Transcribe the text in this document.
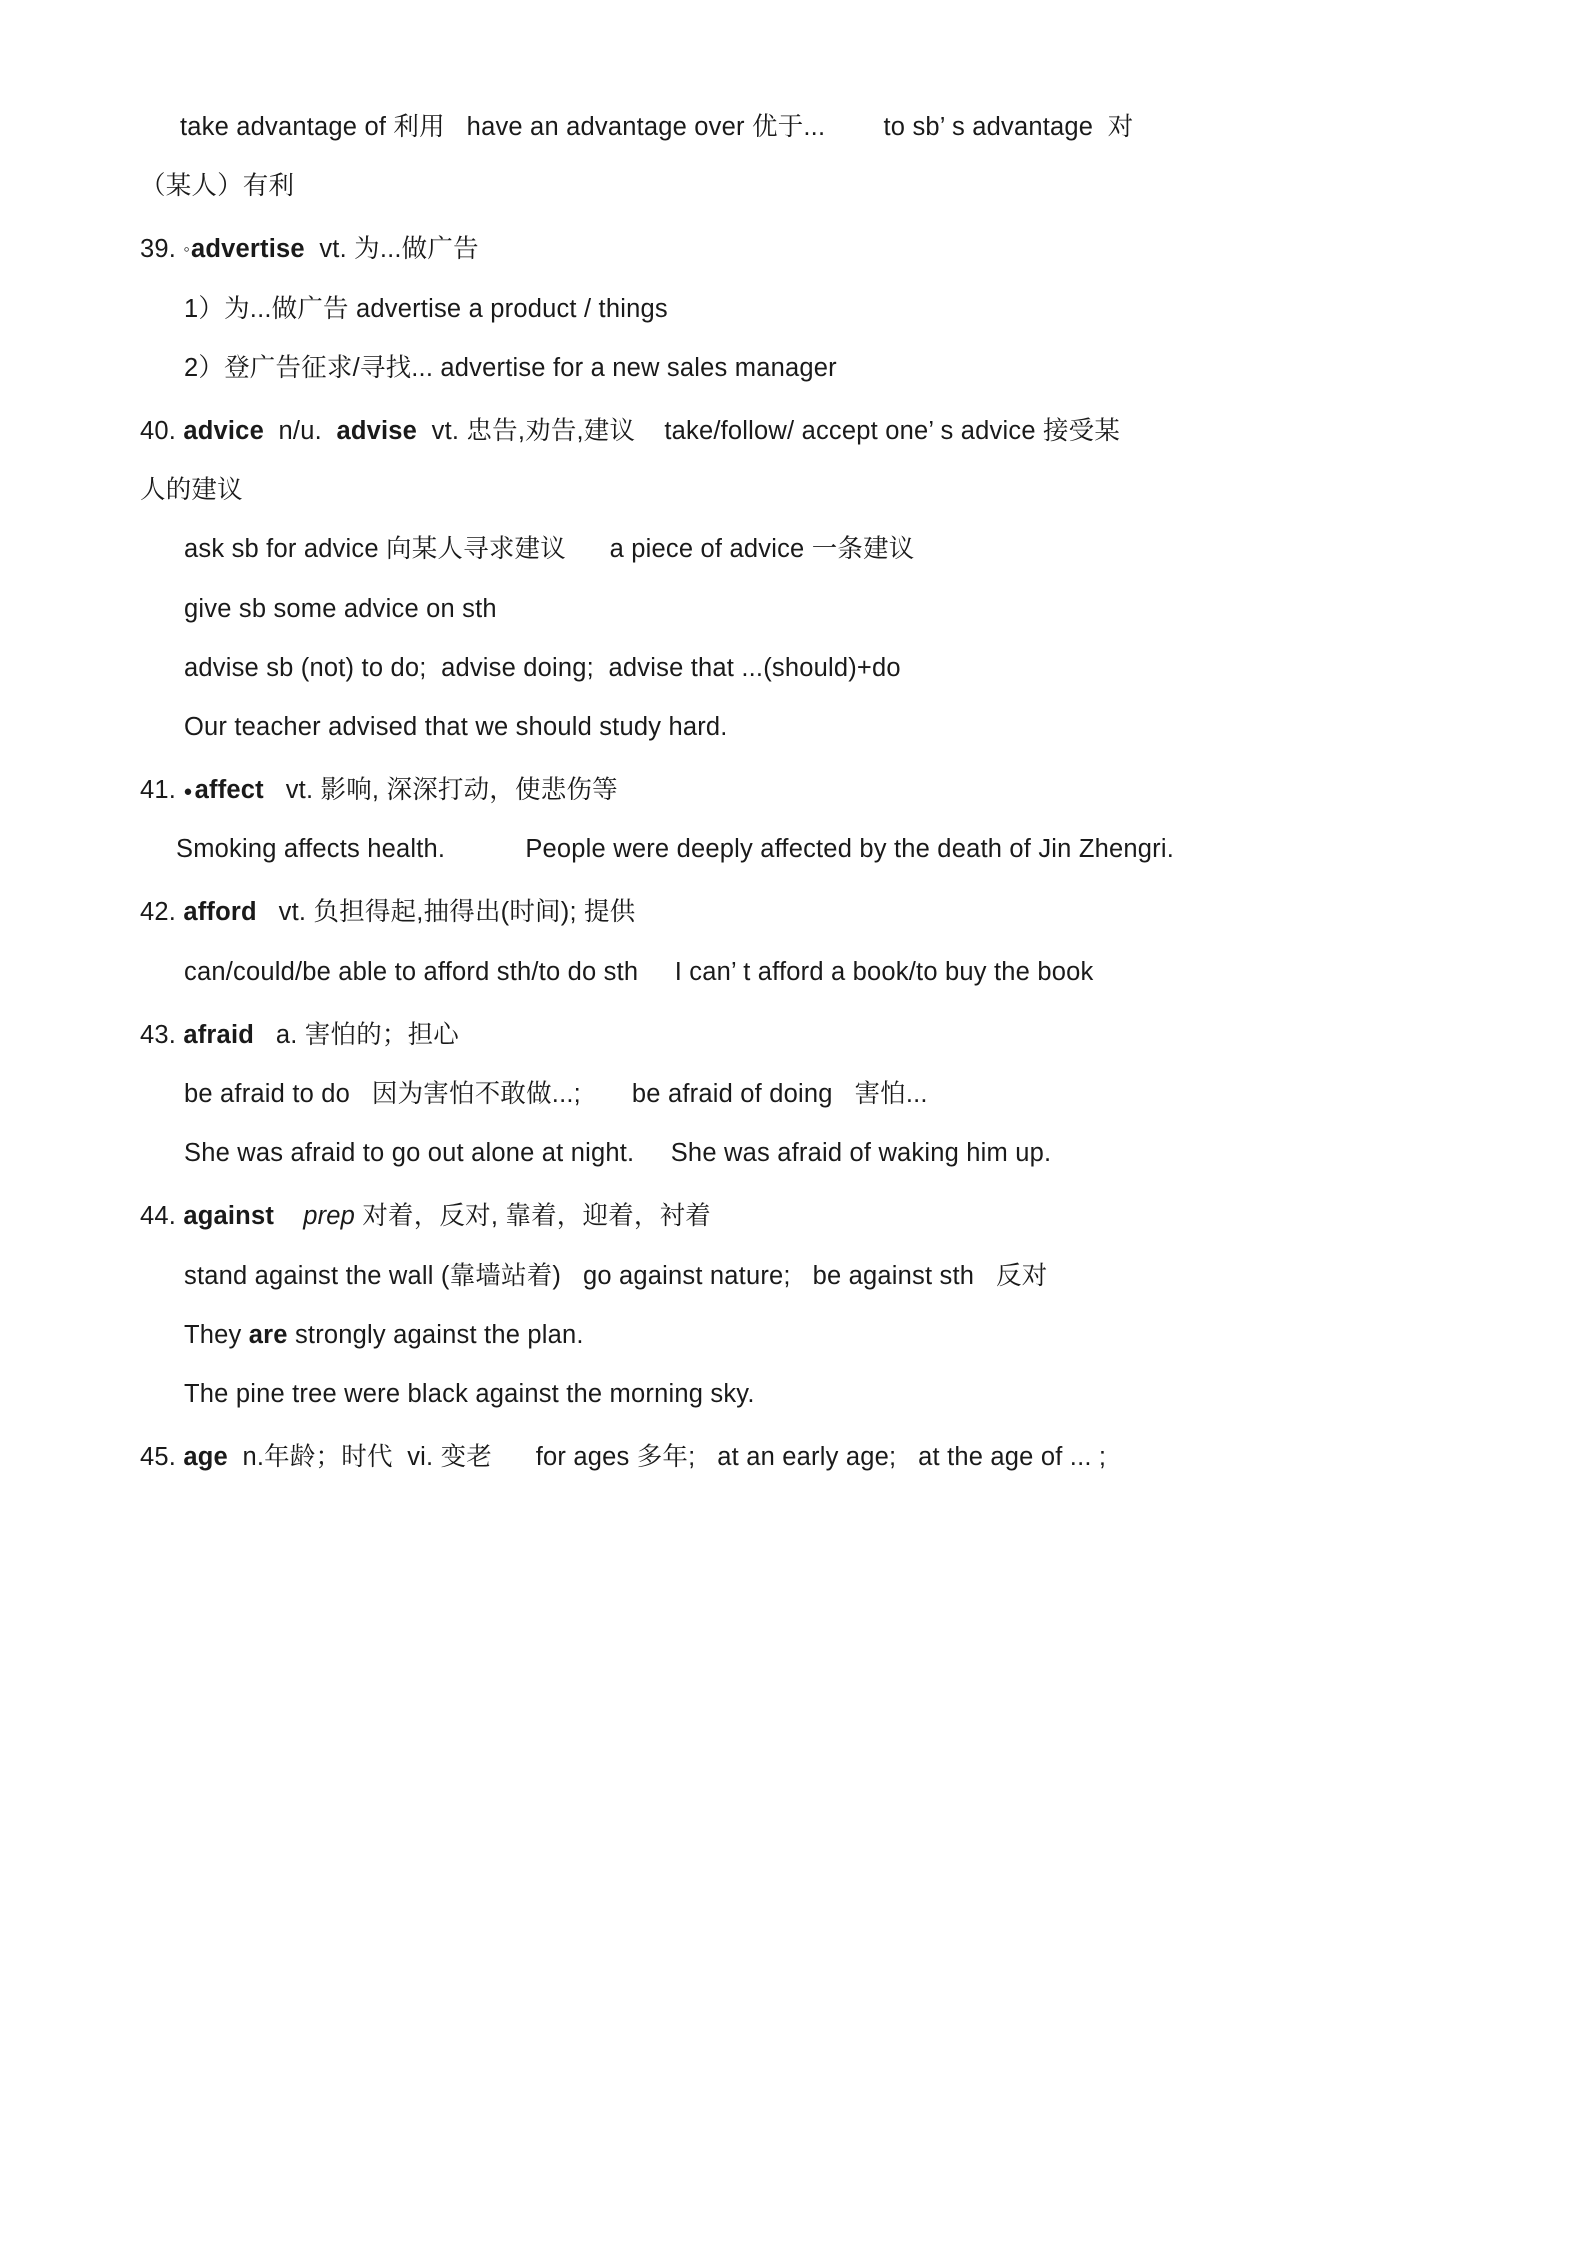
take advantage of 利用   have an advantage over 优于...        to sb’ s advantage  对

（某人）有利

39. ◦ advertise vt. 为...做广告

1）为...做广告 advertise a product / things

2）登广告征求/寻找... advertise for a new sales manager

40. advice n/u. advise vt. 忠告,劝告,建议    take/follow/ accept one’ s advice 接受某

人的建议

ask sb for advice 向某人寻求建议      a piece of advice 一条建议

give sb some advice on sth

advise sb (not) to do;  advise doing;  advise that ...(should)+do

Our teacher advised that we should study hard.

41. ● affect vt. 影响, 深深打动，使悲伤等

Smoking affects health.           People were deeply affected by the death of Jin Zhengri.

42. afford vt. 负担得起,抽得出(时间); 提供

can/could/be able to afford sth/to do sth     I can’ t afford a book/to buy the book

43. afraid a. 害怕的；担心

be afraid to do   因为害怕不敢做...;       be afraid of doing   害怕...

She was afraid to go out alone at night.     She was afraid of waking him up.

44. against prep 对着，反对, 靠着，迎着，衬着

stand against the wall (靠墙站着)   go against nature;   be against sth   反对

They are strongly against the plan.

The pine tree were black against the morning sky.

45. age n.年龄；时代  vi. 变老      for ages 多年;   at an early age;   at the age of ... ;
